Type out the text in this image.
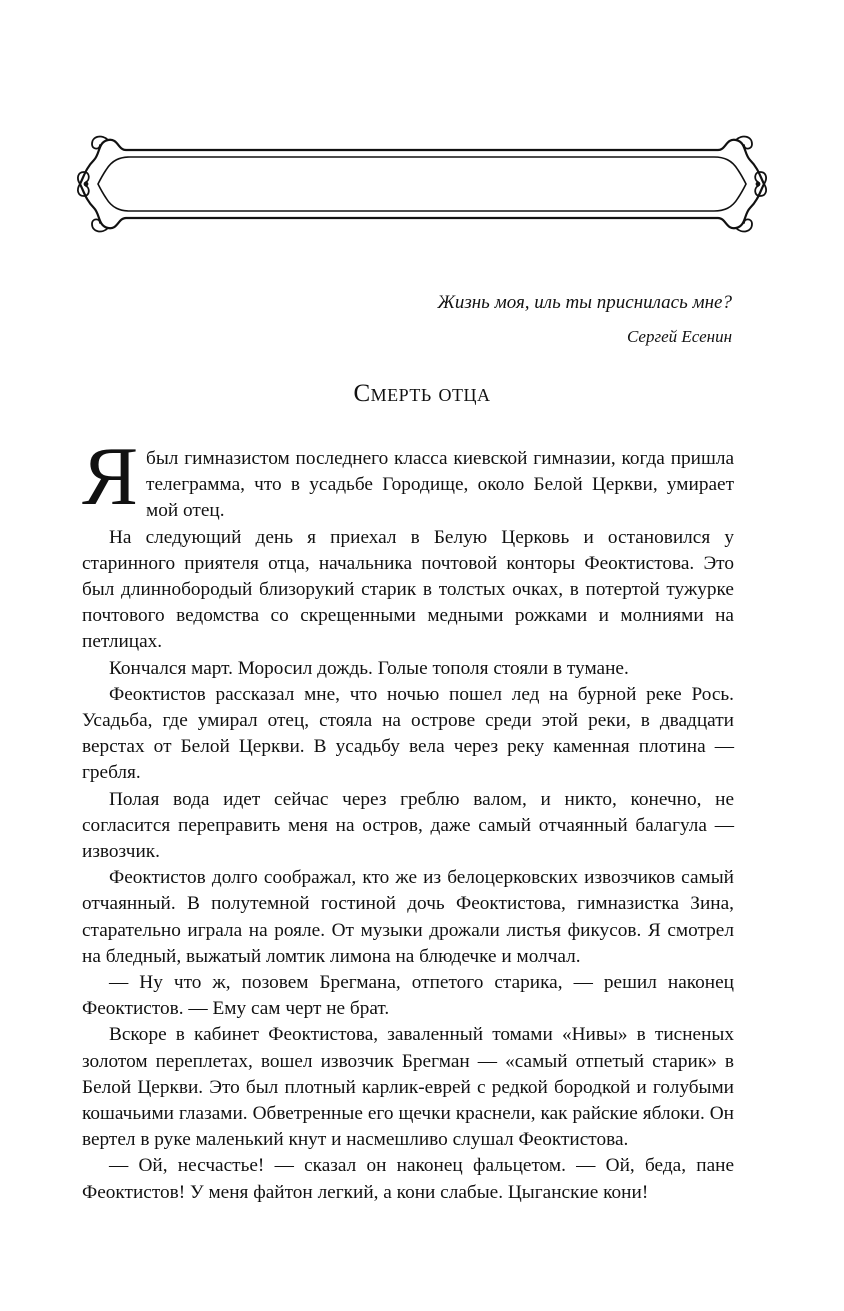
Жизнь моя, иль ты приснилась мне?
Сергей Есенин
Смерть отца

Я был гимназистом последнего класса киевской гимназии, когда пришла телеграмма, что в усадьбе Городище, около Белой Церкви, умирает мой отец.

На следующий день я приехал в Белую Церковь и остановился у старинного приятеля отца, начальника почтовой конторы Феоктистова. Это был длиннобородый близорукий старик в толстых очках, в потертой тужурке почтового ведомства со скрещенными медными рожками и молниями на петлицах.

Кончался март. Моросил дождь. Голые тополя стояли в тумане.

Феоктистов рассказал мне, что ночью пошел лед на бурной реке Рось. Усадьба, где умирал отец, стояла на острове среди этой реки, в двадцати верстах от Белой Церкви. В усадьбу вела через реку каменная плотина — гребля.

Полая вода идет сейчас через греблю валом, и никто, конечно, не согласится переправить меня на остров, даже самый отчаянный балагула — извозчик.

Феоктистов долго соображал, кто же из белоцерковских извозчиков самый отчаянный. В полутемной гостиной дочь Феоктистова, гимназистка Зина, старательно играла на рояле. От музыки дрожали листья фикусов. Я смотрел на бледный, выжатый ломтик лимона на блюдечке и молчал.

— Ну что ж, позовем Брегмана, отпетого старика, — решил наконец Феоктистов. — Ему сам черт не брат.

Вскоре в кабинет Феоктистова, заваленный томами «Нивы» в тисненых золотом переплетах, вошел извозчик Брегман — «самый отпетый старик» в Белой Церкви. Это был плотный карлик-еврей с редкой бородкой и голубыми кошачьими глазами. Обветренные его щечки краснели, как райские яблоки. Он вертел в руке маленький кнут и насмешливо слушал Феоктистова.

— Ой, несчастье! — сказал он наконец фальцетом. — Ой, беда, пане Феоктистов! У меня файтон легкий, а кони слабые. Цыганские кони!
